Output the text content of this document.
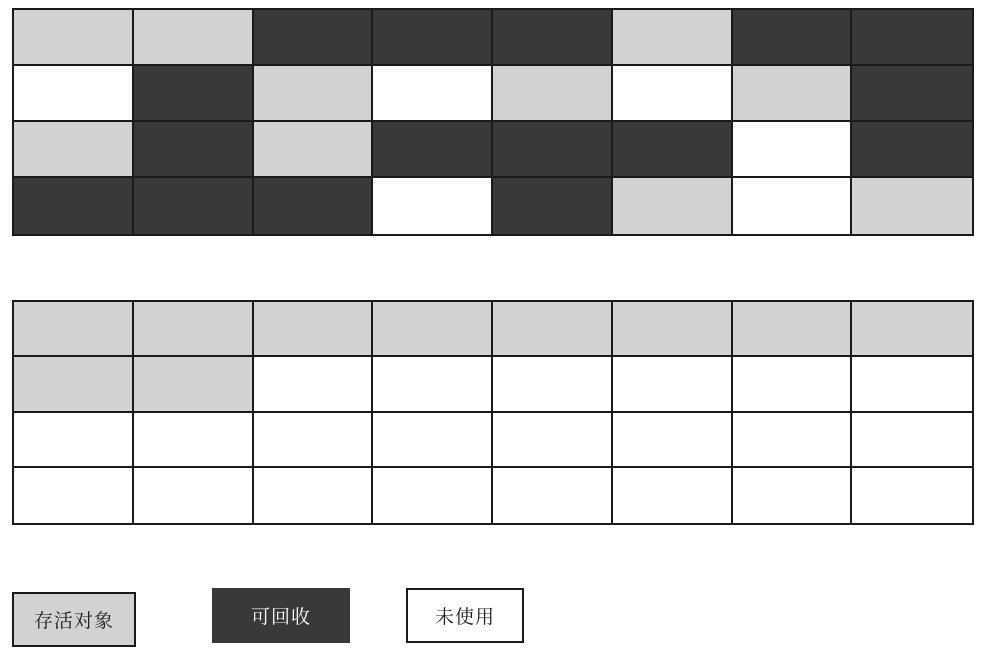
存活对象	可回收	未使用
